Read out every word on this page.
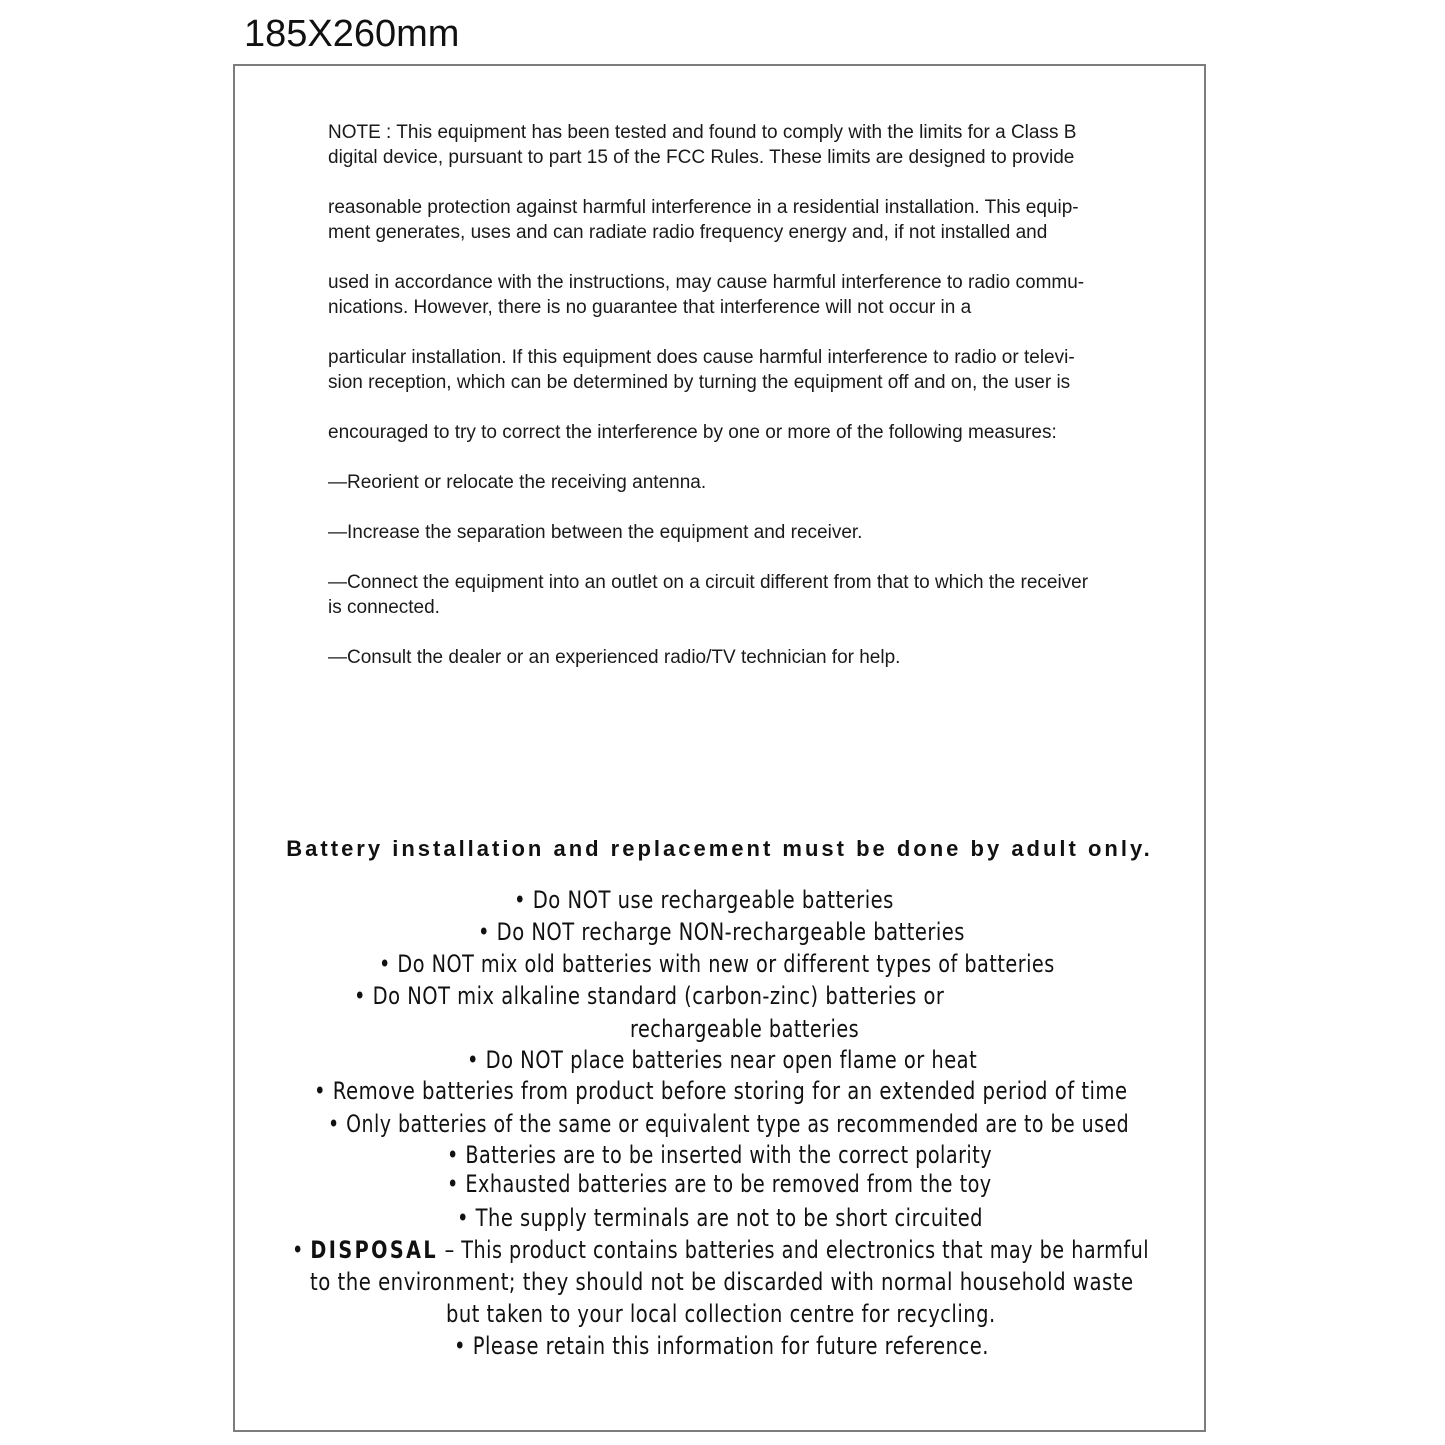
185X260mm
NOTE : This equipment has been tested and found to comply with the limits for a Class B
digital device, pursuant to part 15 of the FCC Rules. These limits are designed to provide
reasonable protection against harmful interference in a residential installation. This equip-
ment generates, uses and can radiate radio frequency energy and, if not installed and
used in accordance with the instructions, may cause harmful interference to radio commu-
nications. However, there is no guarantee that interference will not occur in a
particular installation. If this equipment does cause harmful interference to radio or televi-
sion reception, which can be determined by turning the equipment off and on, the user is
encouraged to try to correct the interference by one or more of the following measures:
—Reorient or relocate the receiving antenna.
—Increase the separation between the equipment and receiver.
—Connect the equipment into an outlet on a circuit different from that to which the receiver
is connected.
—Consult the dealer or an experienced radio/TV technician for help.
Battery installation and replacement must be done by adult only.
• Do NOT use rechargeable batteries
• Do NOT recharge NON-rechargeable batteries
• Do NOT mix old batteries with new or different types of batteries
• Do NOT mix alkaline standard (carbon-zinc) batteries or
rechargeable batteries
• Do NOT place batteries near open flame or heat
• Remove batteries from product before storing for an extended period of time
• Only batteries of the same or equivalent type as recommended are to be used
• Batteries are to be inserted with the correct polarity
• Exhausted batteries are to be removed from the toy
• The supply terminals are not to be short circuited
• DISPOSAL – This product contains batteries and electronics that may be harmful
to the environment; they should not be discarded with normal household waste
but taken to your local collection centre for recycling.
• Please retain this information for future reference.
